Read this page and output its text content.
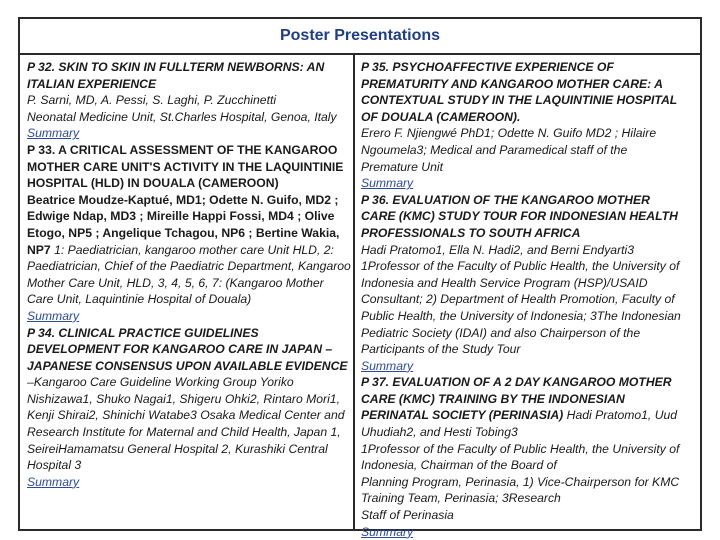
Poster Presentations
P 32. SKIN TO SKIN IN FULLTERM NEWBORNS: AN
ITALIAN EXPERIENCE
P. Sarni, MD, A. Pessi, S. Laghi, P. Zucchinetti
Neonatal Medicine Unit, St.Charles Hospital, Genoa, Italy
Summary
P 33. A CRITICAL ASSESSMENT OF THE KANGAROO
MOTHER CARE UNIT'S ACTIVITY IN THE LAQUINTINIE
HOSPITAL (HLD) IN DOUALA (CAMEROON)
Beatrice Moudze-Kaptué, MD1; Odette N. Guifo, MD2 ;
Edwige Ndap, MD3 ; Mireille Happi Fossi, MD4 ; Olive
Etogo, NP5 ; Angelique Tchagou, NP6 ; Bertine Wakia,
NP7 1: Paediatrician, kangaroo mother care Unit HLD, 2:
Paediatrician, Chief of the Paediatric Department, Kangaroo
Mother Care Unit, HLD, 3, 4, 5, 6, 7: (Kangaroo Mother
Care Unit, Laquintinie Hospital of Douala)
Summary
P 34. CLINICAL PRACTICE GUIDELINES
DEVELOPMENT FOR KANGAROO CARE IN JAPAN –
JAPANESE CONSENSUS UPON AVAILABLE EVIDENCE
–Kangaroo Care Guideline Working Group Yoriko
Nishizawa1, Shuko Nagai1, Shigeru Ohki2, Rintaro Mori1,
Kenji Shirai2, Shinichi Watabe3 Osaka Medical Center and
Research Institute for Maternal and Child Health, Japan 1,
SeireiHamamatsu General Hospital 2, Kurashiki Central
Hospital 3
Summary
P 35. PSYCHOAFFECTIVE EXPERIENCE OF
PREMATURITY AND KANGAROO MOTHER CARE: A
CONTEXTUAL STUDY IN THE LAQUINTINIE HOSPITAL
OF DOUALA (CAMEROON).
Erero F. Njiengwé PhD1; Odette N. Guifo MD2 ; Hilaire
Ngoumela3; Medical and Paramedical staff of the
Premature Unit
Summary
P 36. EVALUATION OF THE KANGAROO MOTHER
CARE (KMC) STUDY TOUR FOR INDONESIAN HEALTH
PROFESSIONALS TO SOUTH AFRICA
Hadi Pratomo1, Ella N. Hadi2, and Berni Endyarti3
1Professor of the Faculty of Public Health, the University of
Indonesia and Health Service Program (HSP)/USAID
Consultant; 2) Department of Health Promotion, Faculty of
Public Health, the University of Indonesia; 3The Indonesian
Pediatric Society (IDAI) and also Chairperson of the
Participants of the Study Tour
Summary
P 37. EVALUATION OF A 2 DAY KANGAROO MOTHER
CARE (KMC) TRAINING BY THE INDONESIAN
PERINATAL SOCIETY (PERINASIA) Hadi Pratomo1, Uud
Uhudiah2, and Hesti Tobing3
1Professor of the Faculty of Public Health, the University of
Indonesia, Chairman of the Board of
Planning Program, Perinasia, 1) Vice-Chairperson for KMC
Training Team, Perinasia; 3Research
Staff of Perinasia
Summary
